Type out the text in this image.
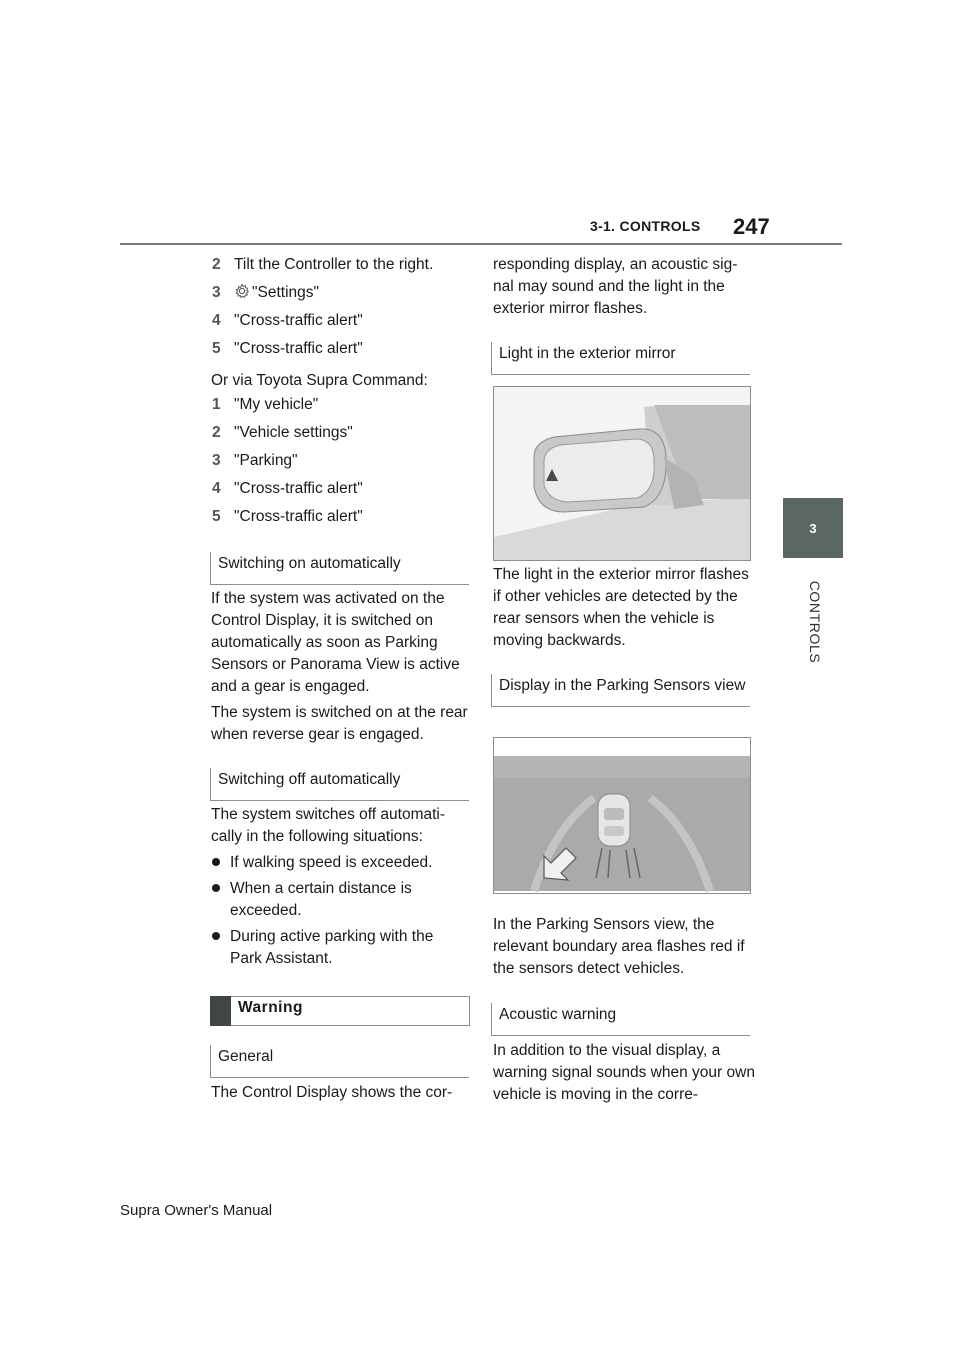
3-1. CONTROLS 247
3
CONTROLS
2 Tilt the Controller to the right.
3 "Settings"
4 "Cross-traffic alert"
5 "Cross-traffic alert"

Or via Toyota Supra Command:

1 "My vehicle"
2 "Vehicle settings"
3 "Parking"
4 "Cross-traffic alert"
5 "Cross-traffic alert"
Switching on automatically

If the system was activated on the Control Display, it is switched on automatically as soon as Parking Sensors or Panorama View is active and a gear is engaged.

The system is switched on at the rear when reverse gear is engaged.

Switching off automatically

The system switches off automati-cally in the following situations:

If walking speed is exceeded.
When a certain distance is exceeded.
During active parking with the Park Assistant.
Warning
General

The Control Display shows the cor-

responding display, an acoustic sig-nal may sound and the light in the exterior mirror flashes.

Light in the exterior mirror

The light in the exterior mirror flashes if other vehicles are detected by the rear sensors when the vehicle is moving backwards.

Display in the Parking Sensors view

In the Parking Sensors view, the relevant boundary area flashes red if the sensors detect vehicles.

Acoustic warning

In addition to the visual display, a warning signal sounds when your own vehicle is moving in the corre-

Supra Owner's Manual
